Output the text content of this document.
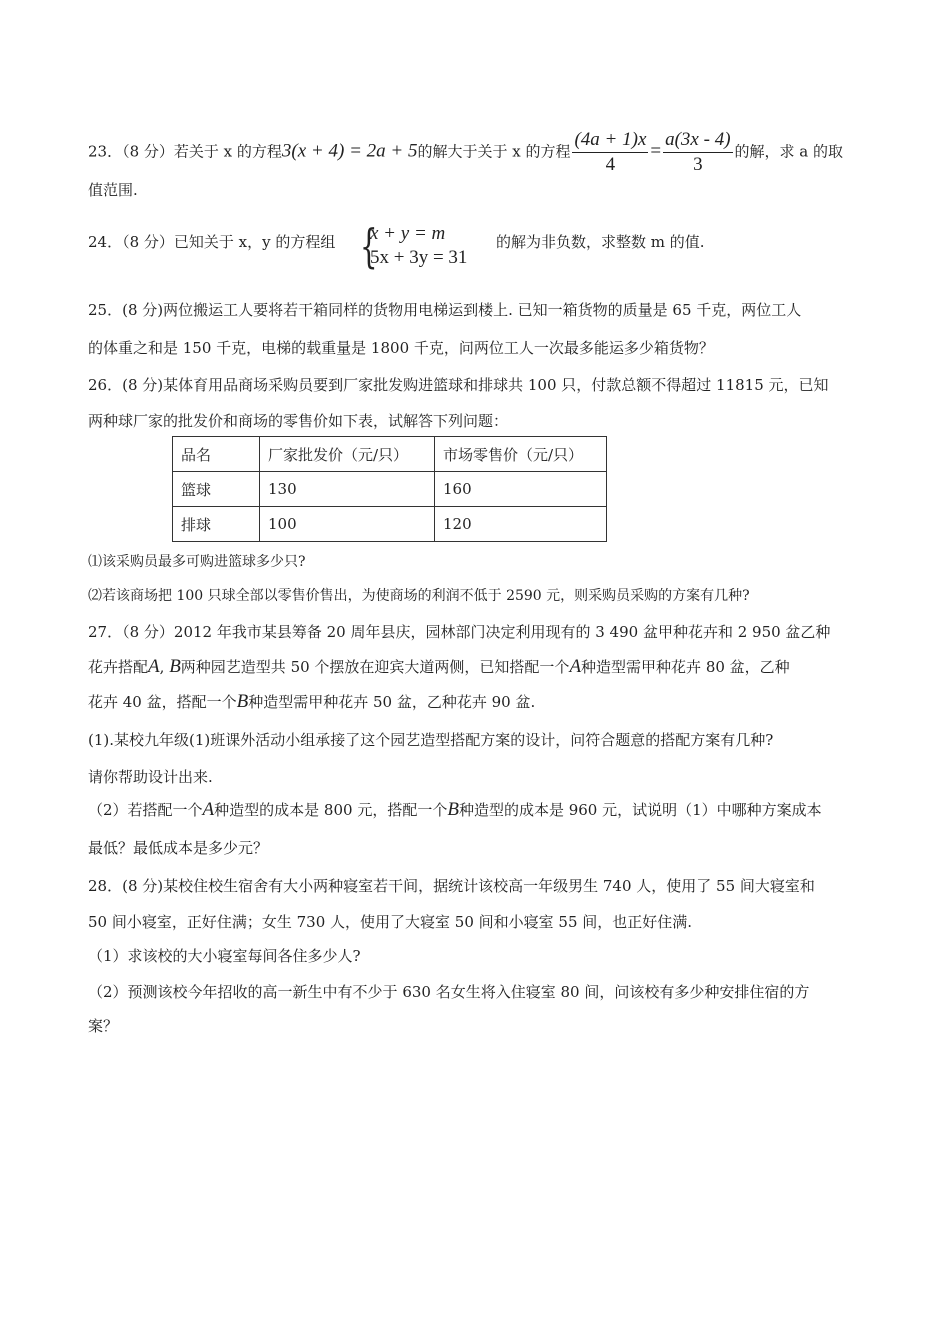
23．（8 分）若关于 x 的方程3(x + 4) = 2a + 5的解大于关于 x 的方程 $\frac{(4a + 1)x}{4} = \frac{a(3x - 4)}{3}$ 的解，求 a 的取
值范围.
24．（8 分）已知关于 x，y 的方程组 {
x + y = m
5x + 3y = 31
的解为非负数，求整数 m 的值.
25．(8 分)两位搬运工人要将若干箱同样的货物用电梯运到楼上. 已知一箱货物的质量是 65 千克，两位工人
的体重之和是 150 千克，电梯的载重量是 1800 千克，问两位工人一次最多能运多少箱货物？
26．(8 分)某体育用品商场采购员要到厂家批发购进篮球和排球共 100 只，付款总额不得超过 11815 元，已知
两种球厂家的批发价和商场的零售价如下表，试解答下列问题：
品名	厂家批发价（元/只）	市场零售价（元/只）
篮球	130	160
排球	100	120
⑴该采购员最多可购进篮球多少只?
⑵若该商场把 100 只球全部以零售价售出，为使商场的利润不低于 2590 元，则采购员采购的方案有几种?
27．（8 分）2012 年我市某县筹备 20 周年县庆，园林部门决定利用现有的 3 490 盆甲种花卉和 2 950 盆乙种
花卉搭配A, B两种园艺造型共 50 个摆放在迎宾大道两侧，已知搭配一个A种造型需甲种花卉 80 盆，乙种
花卉 40 盆，搭配一个B种造型需甲种花卉 50 盆，乙种花卉 90 盆.
(1).某校九年级(1)班课外活动小组承接了这个园艺造型搭配方案的设计，问符合题意的搭配方案有几种?
请你帮助设计出来.
（2）若搭配一个A种造型的成本是 800 元，搭配一个B种造型的成本是 960 元，试说明（1）中哪种方案成本
最低？最低成本是多少元？
28．(8 分)某校住校生宿舍有大小两种寝室若干间，据统计该校高一年级男生 740 人，使用了 55 间大寝室和
50 间小寝室，正好住满；女生 730 人，使用了大寝室 50 间和小寝室 55 间，也正好住满.
（1）求该校的大小寝室每间各住多少人?
（2）预测该校今年招收的高一新生中有不少于 630 名女生将入住寝室 80 间，问该校有多少种安排住宿的方
案？
